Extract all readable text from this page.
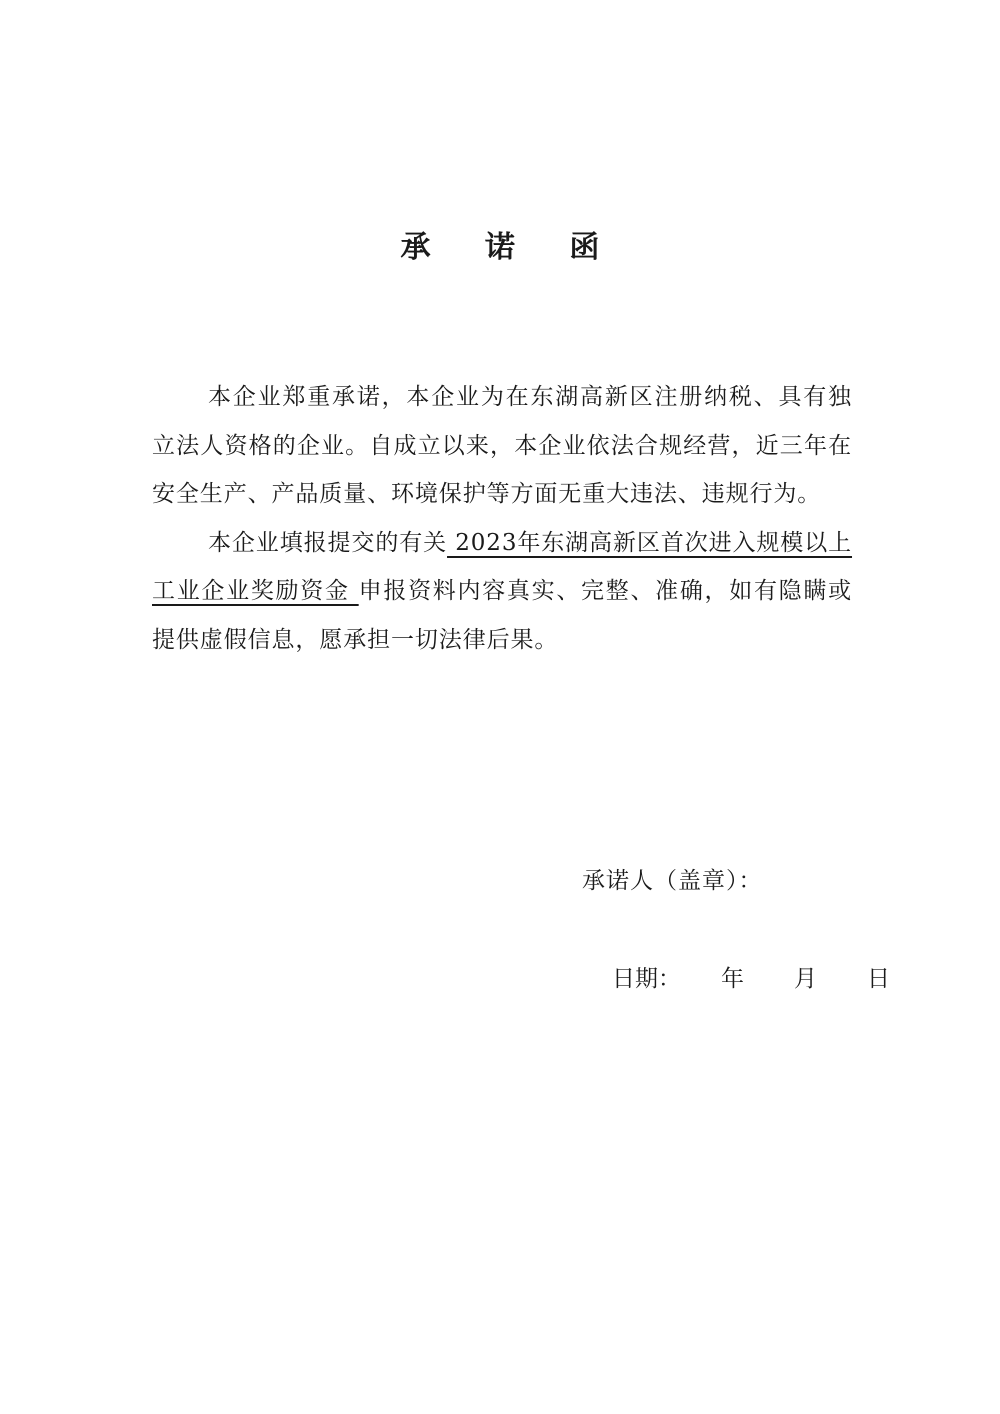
承 诺 函

本企业郑重承诺，本企业为在东湖高新区注册纳税、具有独立法人资格的企业。自成立以来，本企业依法合规经营，近三年在安全生产、产品质量、环境保护等方面无重大违法、违规行为。

本企业填报提交的有关 2023年东湖高新区首次进入规模以上工业企业奖励资金 申报资料内容真实、完整、准确，如有隐瞒或提供虚假信息，愿承担一切法律后果。

承诺人（盖章）：
日期： 年 月 日
